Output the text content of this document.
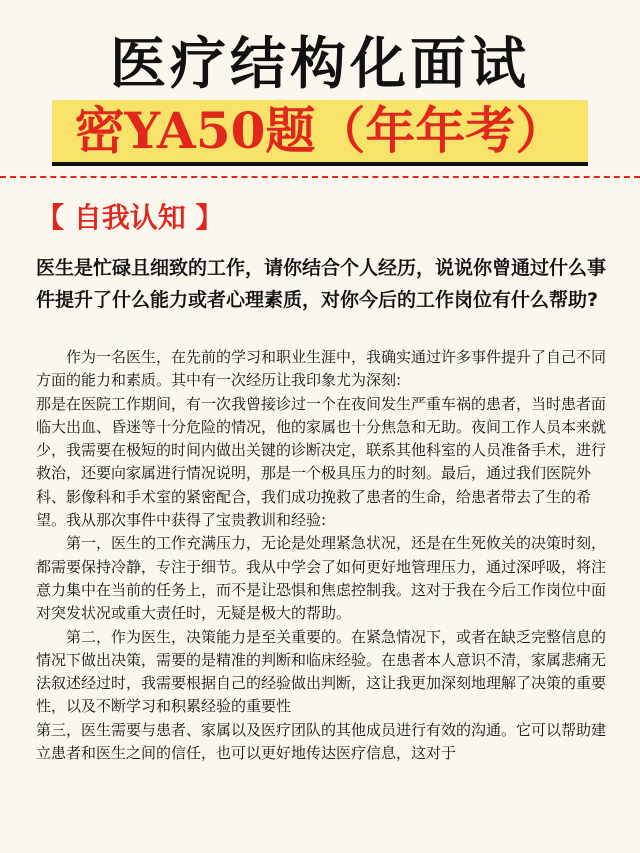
医疗结构化面试
密YA50题（年年考）
【 自我认知 】
医生是忙碌且细致的工作，请你结合个人经历，说说你曾通过什么事件提升了什么能力或者心理素质，对你今后的工作岗位有什么帮助?

作为一名医生，在先前的学习和职业生涯中，我确实通过许多事件提升了自己不同方面的能力和素质。其中有一次经历让我印象尤为深刻:

那是在医院工作期间，有一次我曾接诊过一个在夜间发生严重车祸的患者，当时患者面临大出血、昏迷等十分危险的情况，他的家属也十分焦急和无助。夜间工作人员本来就少，我需要在极短的时间内做出关键的诊断决定，联系其他科室的人员准备手术，进行救治，还要向家属进行情况说明，那是一个极具压力的时刻。最后，通过我们医院外科、影像科和手术室的紧密配合，我们成功挽救了患者的生命，给患者带去了生的希望。我从那次事件中获得了宝贵教训和经验:

第一，医生的工作充满压力，无论是处理紧急状况，还是在生死攸关的决策时刻，都需要保持冷静，专注于细节。我从中学会了如何更好地管理压力，通过深呼吸，将注意力集中在当前的任务上，而不是让恐惧和焦虑控制我。这对于我在今后工作岗位中面对突发状况或重大责任时，无疑是极大的帮助。

第二，作为医生，决策能力是至关重要的。在紧急情况下，或者在缺乏完整信息的情况下做出决策，需要的是精准的判断和临床经验。在患者本人意识不清，家属悲痛无法叙述经过时，我需要根据自己的经验做出判断，这让我更加深刻地理解了决策的重要性，以及不断学习和积累经验的重要性

第三，医生需要与患者、家属以及医疗团队的其他成员进行有效的沟通。它可以帮助建立患者和医生之间的信任，也可以更好地传达医疗信息，这对于
